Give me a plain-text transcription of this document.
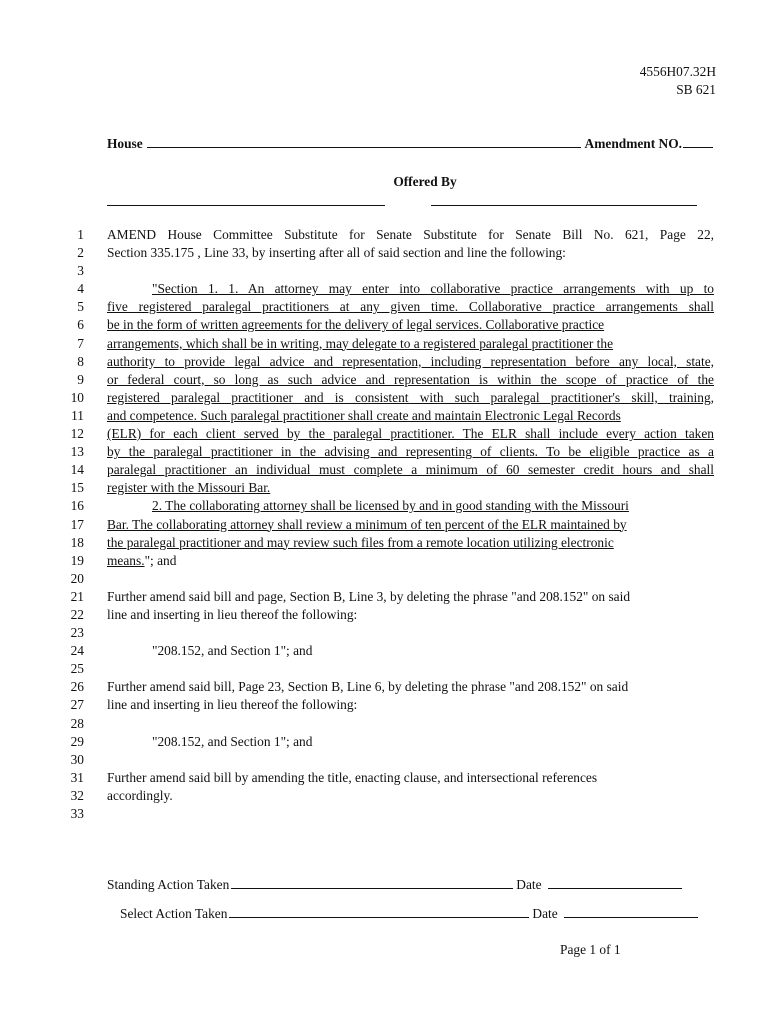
4556H07.32H
SB 621
House	Amendment NO.
Offered By
1 AMEND House Committee Substitute for Senate Substitute for Senate Bill No. 621, Page 22,
2 Section 335.175 , Line 33, by inserting after all of said section and line the following:
3
4	"Section 1. 1. An attorney may enter into collaborative practice arrangements with up to
5 five registered paralegal practitioners at any given time. Collaborative practice arrangements shall
6 be in the form of written agreements for the delivery of legal services. Collaborative practice
7 arrangements, which shall be in writing, may delegate to a registered paralegal practitioner the
8 authority to provide legal advice and representation, including representation before any local, state,
9 or federal court, so long as such advice and representation is within the scope of practice of the
10 registered paralegal practitioner and is consistent with such paralegal practitioner's skill, training,
11 and competence. Such paralegal practitioner shall create and maintain Electronic Legal Records
12 (ELR) for each client served by the paralegal practitioner. The ELR shall include every action taken
13 by the paralegal practitioner in the advising and representing of clients. To be eligible practice as a
14 paralegal practitioner an individual must complete a minimum of 60 semester credit hours and shall
15 register with the Missouri Bar.
16	2. The collaborating attorney shall be licensed by and in good standing with the Missouri
17 Bar. The collaborating attorney shall review a minimum of ten percent of the ELR maintained by
18 the paralegal practitioner and may review such files from a remote location utilizing electronic
19 means."; and
20
21 Further amend said bill and page, Section B, Line 3, by deleting the phrase "and 208.152" on said
22 line and inserting in lieu thereof the following:
23
24	"208.152, and Section 1"; and
25
26 Further amend said bill, Page 23, Section B, Line 6, by deleting the phrase "and 208.152" on said
27 line and inserting in lieu thereof the following:
28
29	"208.152, and Section 1"; and
30
31 Further amend said bill by amending the title, enacting clause, and intersectional references
32 accordingly.
33
Standing Action Taken	Date
Select Action Taken	Date
Page 1 of 1
